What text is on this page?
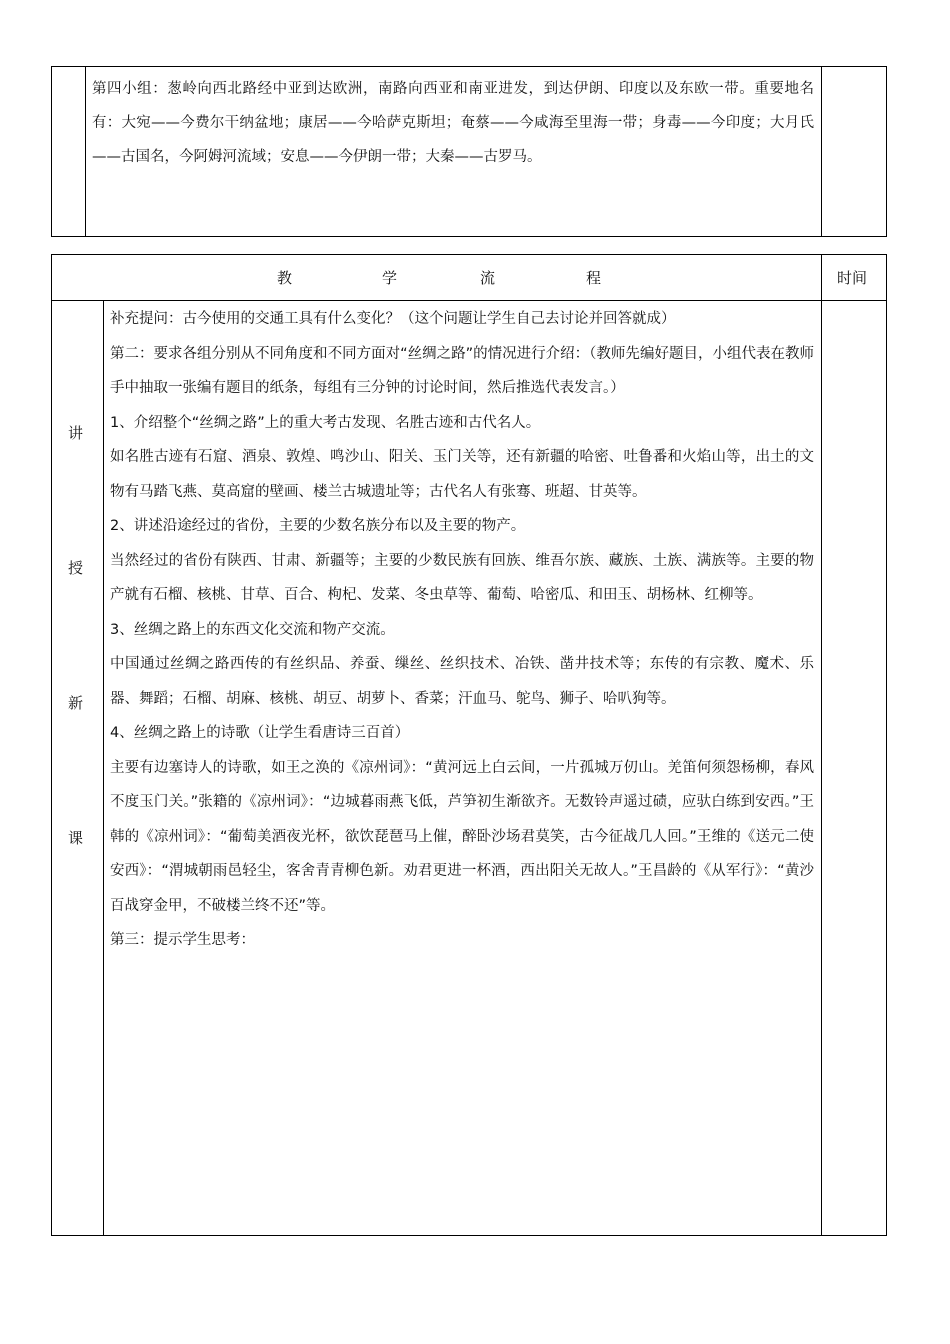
第四小组：葱岭向西北路经中亚到达欧洲，南路向西亚和南亚进发，到达伊朗、印度以及东欧一带。重要地名有：大宛——今费尔干纳盆地；康居——今哈萨克斯坦；奄蔡——今咸海至里海一带；身毒——今印度；大月氏——古国名，今阿姆河流域；安息——今伊朗一带；大秦——古罗马。
教	学	流	程	时间
讲
授
新
课

补充提问：古今使用的交通工具有什么变化？（这个问题让学生自己去讨论并回答就成）

第二：要求各组分别从不同角度和不同方面对“丝绸之路”的情况进行介绍：（教师先编好题目，小组代表在教师手中抽取一张编有题目的纸条，每组有三分钟的讨论时间，然后推选代表发言。）

1、介绍整个“丝绸之路”上的重大考古发现、名胜古迹和古代名人。

如名胜古迹有石窟、酒泉、敦煌、鸣沙山、阳关、玉门关等，还有新疆的哈密、吐鲁番和火焰山等，出土的文物有马踏飞燕、莫高窟的壁画、楼兰古城遗址等；古代名人有张骞、班超、甘英等。

2、讲述沿途经过的省份，主要的少数名族分布以及主要的物产。

当然经过的省份有陕西、甘肃、新疆等；主要的少数民族有回族、维吾尔族、藏族、土族、满族等。主要的物产就有石榴、核桃、甘草、百合、枸杞、发菜、冬虫草等、葡萄、哈密瓜、和田玉、胡杨林、红柳等。

3、丝绸之路上的东西文化交流和物产交流。

中国通过丝绸之路西传的有丝织品、养蚕、缫丝、丝织技术、冶铁、凿井技术等；东传的有宗教、魔术、乐器、舞蹈；石榴、胡麻、核桃、胡豆、胡萝卜、香菜；汗血马、鸵鸟、狮子、哈叭狗等。

4、丝绸之路上的诗歌（让学生看唐诗三百首）

主要有边塞诗人的诗歌，如王之涣的《凉州词》：“黄河远上白云间，一片孤城万仞山。羌笛何须怨杨柳，春风不度玉门关。”张籍的《凉州词》：“边城暮雨燕飞低，芦笋初生渐欲齐。无数铃声遥过碛，应驮白练到安西。”王韩的《凉州词》：“葡萄美酒夜光杯，欲饮琵琶马上催，醉卧沙场君莫笑，古今征战几人回。”王维的《送元二使安西》：“渭城朝雨邑轻尘，客舍青青柳色新。劝君更进一杯酒，西出阳关无故人。”王昌龄的《从军行》：“黄沙百战穿金甲，不破楼兰终不还”等。

第三：提示学生思考：
